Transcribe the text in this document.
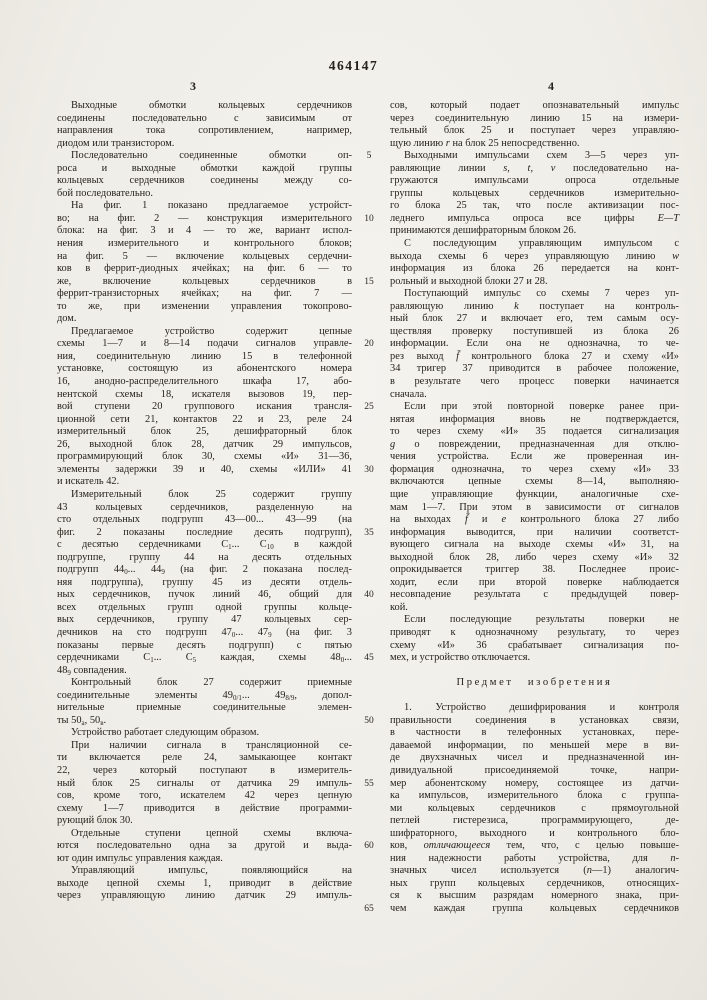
464147
3	4
Выходные обмотки кольцевых сердечников
соединены последовательно с зависимым от
направления тока сопротивлением, например,
диодом или транзистором.
Последовательно соединенные обмотки оп-
роса и выходные обмотки каждой группы
кольцевых сердечников соединены между со-
бой последовательно.
На фиг. 1 показано предлагаемое устройст-
во; на фиг. 2 — конструкция измерительного
блока: на фиг. 3 и 4 — то же, вариант испол-
нения измерительного и контрольного блоков;
на фиг. 5 — включение кольцевых сердечни-
ков в феррит-диодных ячейках; на фиг. 6 — то
же, включение кольцевых сердечников в
феррит-транзисторных ячейках; на фиг. 7 —
то же, при изменении управления токопрово-
дом.
Предлагаемое устройство содержит цепные
схемы 1—7 и 8—14 подачи сигналов управле-
ния, соединительную линию 15 в телефонной
установке, состоящую из абонентского номера
16, анодно-распределительного шкафа 17, або-
нентской схемы 18, искателя вызовов 19, пер-
вой ступени 20 группового искания трансля-
ционной сети 21, контактов 22 и 23, реле 24
измерительный блок 25, дешифраторный блок
26, выходной блок 28, датчик 29 импульсов,
программирующий блок 30, схемы «И» 31—36,
элементы задержки 39 и 40, схемы «ИЛИ» 41
и искатель 42.
Измерительный блок 25 содержит группу
43 кольцевых сердечников, разделенную на
сто отдельных подгрупп 43—00... 43—99 (на
фиг. 2 показаны последние десять подгрупп),
с десятью сердечниками $С_1$... $С_{10}$ в каждой
подгруппе, группу 44 на десять отдельных
подгрупп $44_0$... $44_9$ (на фиг. 2 показана послед-
няя подгруппа), группу 45 из десяти отдель-
ных сердечников, пучок линий 46, общий для
всех отдельных групп одной группы кольце-
вых сердечников, группу 47 кольцевых сер-
дечников на сто подгрупп $47_0$... $47_9$ (на фиг. 3
показаны первые десять подгрупп) с пятью
сердечниками $С_1$... $С_5$ каждая, схемы $48_0$...
$48_9$ совпадения.
Контрольный блок 27 содержит приемные
соединительные элементы $49_{0/1}$... $49_{8/9}$, допол-
нительные приемные соединительные элемен-
ты $50_а$, $50_в$.
Устройство работает следующим образом.
При наличии сигнала в трансляционной се-
ти включается реле 24, замыкающее контакт
22, через который поступают в измеритель-
ный блок 25 сигналы от датчика 29 импуль-
сов, кроме того, искателем 42 через цепную
схему 1—7 приводится в действие программи-
рующий блок 30.
Отдельные ступени цепной схемы включа-
ются последовательно одна за другой и выда-
ют один импульс управления каждая.
Управляющий импульс, появляющийся на
выходе цепной схемы 1, приводит в действие
через управляющую линию датчик 29 импуль-
5
10
15
20
25
30
35
40
45
50
55
60
65
сов, который подает опознавательный импульс
через соединительную линию 15 на измери-
тельный блок 25 и поступает через управляю-
щую линию r на блок 25 непосредственно.
Выходными импульсами схем 3—5 через уп-
равляющие линии s, t, v последовательно на-
гружаются импульсами опроса отдельные
группы кольцевых сердечников измерительно-
го блока 25 так, что после активизации пос-
леднего импульса опроса все цифры E—T
принимаются дешифраторным блоком 26.
С последующим управляющим импульсом с
выхода схемы 6 через управляющую линию w
информация из блока 26 передается на конт-
рольный и выходной блоки 27 и 28.
Поступающий импульс со схемы 7 через уп-
равляющую линию k поступает на контроль-
ный блок 27 и включает его, тем самым осу-
ществляя проверку поступившей из блока 26
информации. Если она не однозначна, то че-
рез выход f̄ контрольного блока 27 и схему «И»
34 тригер 37 приводится в рабочее положение,
в результате чего процесс поверки начинается
сначала.
Если при этой повторной поверке ранее при-
нятая информация вновь не подтверждается,
то через схему «И» 35 подается сигнализация
g о повреждении, предназначенная для отклю-
чения устройства. Если же проверенная ин-
формация однозначна, то через схему «И» 33
включаются цепные схемы 8—14, выполняю-
щие управляющие функции, аналогичные схе-
мам 1—7. При этом в зависимости от сигналов
на выходах f̄ и e контрольного блока 27 либо
информация выводится, при наличии соответст-
вующего сигнала на выходе схемы «И» 31, на
выходной блок 28, либо через схему «И» 32
опрокидывается триггер 38. Последнее проис-
ходит, если при второй поверке наблюдается
несовпадение результата с предыдущей повер-
кой.
Если последующие результаты поверки не
приводят к однозначному результату, то через
схему «И» 36 срабатывает сигнализация по-
мех, и устройство отключается.
Предмет изобретения
1. Устройство дешифрирования и контроля
правильности соединения в установках связи,
в частности в телефонных установках, пере-
даваемой информации, по меньшей мере в ви-
де двухзначных чисел и предназначенной ин-
дивидуальной присоединяемой точке, напри-
мер абонентскому номеру, состоящее из датчи-
ка импульсов, измерительного блока с группа-
ми кольцевых сердечников с прямоугольной
петлей гистерезиса, программирующего, де-
шифраторного, выходного и контрольного бло-
ков, отличающееся тем, что, с целью повыше-
ния надежности работы устройства, для n-
значных чисел используется (n—1) аналогич-
ных групп кольцевых сердечников, относящих-
ся к высшим разрядам номерного знака, при-
чем каждая группа кольцевых сердечников
